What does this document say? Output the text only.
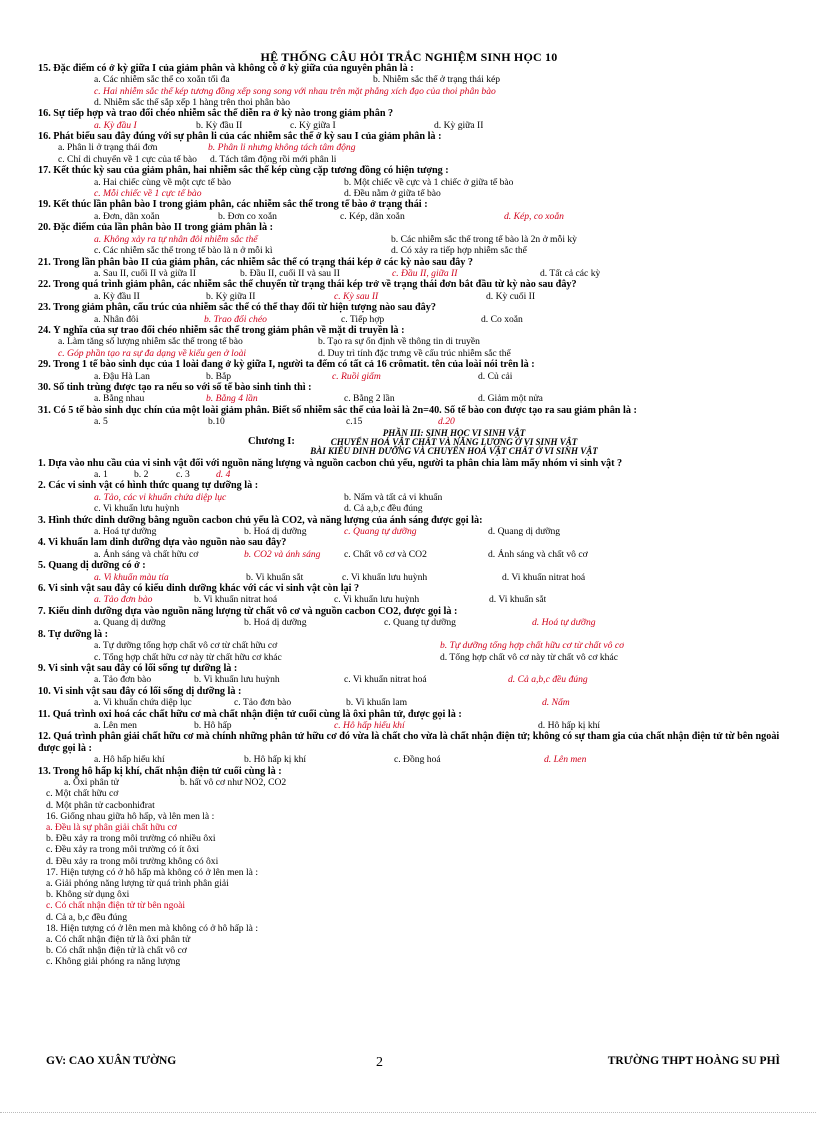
HỆ THỐNG CÂU HỎI TRẮC NGHIỆM SINH HỌC 10
15. Đặc điểm có ở kỳ giữa I của giảm phân và không có ở kỳ giữa của nguyên phân là :
a. Các nhiễm sắc thể co xoắn tối đa	b. Nhiễm sắc thể ở trạng thái kép
c. Hai nhiễm sắc thể kép tương đồng xếp song song với nhau trên mặt phẳng xích đạo của thoi phân bào
d. Nhiễm sắc thể sắp xếp 1 hàng trên thoi phân bào
16. Sự tiếp hợp và trao đổi chéo nhiễm sắc thể diễn ra ở kỳ nào trong giảm phân ?
a. Kỳ đầu I	b. Kỳ đầu II	c. Kỳ giữa I	d. Kỳ giữa II
16. Phát biểu sau đây đúng với sự phân li của các nhiễm sắc thể ở kỳ sau I của giảm phân là :
a. Phân li ở trạng thái đơn	b. Phân li nhưng không tách tâm động
c. Chỉ di chuyển về 1 cực của tế bào	d. Tách tâm động rồi mới phân li
17. Kết thúc kỳ sau của giảm phân, hai nhiễm sắc thể kép cùng cặp tương đồng có hiện tượng :
a. Hai chiếc cùng về một cực tế bào	b. Một chiếc về cực và 1 chiếc ở giữa tế bào
c. Mỗi chiếc về 1 cực tế bào	d. Đều nằm ở giữa tế bào
19. Kết thúc lần phân bào I trong giảm phân, các nhiễm sắc thể trong tế bào ở trạng thái :
a. Đơn, dãn xoắn	b. Đơn co xoắn	c. Kép, dãn xoắn	d. Kép, co xoắn
20. Đặc điểm của lần phân bào II trong giảm phân là :
a. Không xảy ra tự nhân đôi nhiễm sắc thể	b. Các nhiễm sắc thể trong tế bào là 2n ở mỗi kỳ
c. Các nhiễm sắc thể trong tế bào là n ở mỗi kì	d. Có xảy ra tiếp hợp nhiễm sắc thể
21. Trong lần phân bào II của giảm phân, các nhiễm sắc thể có trạng thái kép ở các kỳ nào sau đây ?
a. Sau II, cuối II và giữa II	b. Đầu II, cuối II và sau II	c. Đầu II, giữa II	d. Tất cả các kỳ
22. Trong quá trình giảm phân, các nhiễm sắc thể chuyển từ trạng thái kép trở về trạng thái đơn bắt đầu từ kỳ nào sau đây?
a. Kỳ đầu II	b. Kỳ giữa II	c. Kỳ sau II	d. Kỳ cuối II
23. Trong giảm phân, cấu trúc của nhiễm sắc thể có thể thay đổi từ hiện tượng nào sau đây?
a. Nhân đôi	b. Trao đổi chéo	c. Tiếp hợp	d. Co xoắn
24. Ý nghĩa của sự trao đổi chéo nhiễm sắc thể trong giảm phân về mặt di truyền là :
a. Làm tăng số lượng nhiễm sắc thể trong tế bào	b. Tạo ra sự ổn định về thông tin di truyền
c. Góp phần tạo ra sự đa dạng về kiểu gen ở loài	d. Duy trì tính đặc trưng về cấu trúc nhiễm sắc thể
29. Trong 1 tế bào sinh dục của 1 loài đang ở kỳ giữa I, người ta đếm có tất cả 16 crômatit. tên của loài nói trên là :
a. Đậu Hà Lan	b. Bắp	c. Ruồi giấm	d. Củ cải
30. Số tinh trùng được tạo ra nếu so với số tế bào sinh tinh thì :
a. Bằng nhau	b. Bằng 4 lần	c. Bằng 2 lần	d. Giảm một nửa
31. Có 5 tế bào sinh dục chín của một loài giảm phân. Biết số nhiễm sắc thể của loài là 2n=40. Số tế bào con được tạo ra sau giảm phân là :
a. 5	b.10	c.15	d.20
Chương I:
PHẦN III: SINH HỌC VI SINH VẬT
CHUYỂN HOÁ VẬT CHẤT VÀ NĂNG LƯỢNG Ở VI SINH VẬT
BÀI KIỂU DINH DƯỠNG VÀ CHUYỂN HOÁ VẬT CHẤT Ở VI SINH VẬT
1. Dựa vào nhu cầu của vi sinh vật đối với nguồn năng lượng và nguồn cacbon chủ yếu, người ta phân chia làm mấy nhóm vi sinh vật ?
a. 1	b. 2	c. 3	d. 4
2. Các vi sinh vật có hình thức quang tự dưỡng là :
a. Tảo, các vi khuẩn chứa diệp lục	b. Nấm và tất cả vi khuẩn
c. Vi khuẩn lưu huỳnh	d. Cả a,b,c đều đúng
3. Hình thức dinh dưỡng bằng nguồn cacbon chủ yếu là CO2, và năng lượng của ánh sáng được gọi là:
a. Hoá tự dưỡng	b. Hoá dị dưỡng	c. Quang tự dưỡng	d. Quang dị dưỡng
4. Vi khuẩn lam dinh dưỡng dựa vào nguồn nào sau đây?
a. Ánh sáng và chất hữu cơ	b. CO2 và ánh sáng	c. Chất vô cơ và CO2	d. Ánh sáng và chất vô cơ
5. Quang dị dưỡng có ở :
a. Vi khuẩn màu tía	b. Vi khuẩn sắt	c. Vi khuẩn lưu huỳnh	d. Vi khuẩn nitrat hoá
6. Vi sinh vật sau đây có kiểu dinh dưỡng khác với các vi sinh vật còn lại ?
a. Tảo đơn bào	b. Vi khuẩn nitrat hoá	c. Vi khuẩn lưu huỳnh	d. Vi khuẩn sắt
7. Kiểu dinh dưỡng dựa vào nguồn năng lượng từ chất vô cơ và nguồn cacbon CO2, được gọi là :
a. Quang dị dưỡng	b. Hoá dị dưỡng	c. Quang tự dưỡng	d. Hoá tự dưỡng
8. Tự dưỡng là :
a. Tự dưỡng tổng hợp chất vô cơ từ chất hữu cơ	b. Tự dưỡng tổng hợp chất hữu cơ từ chất vô cơ
c. Tổng hợp chất hữu cơ này từ chất hữu cơ khác	d. Tổng hợp chất vô cơ này từ chất vô cơ khác
9. Vi sinh vật sau đây có lối sống tự dưỡng là :
a. Tảo đơn bào	b. Vi khuẩn lưu huỳnh	c. Vi khuẩn nitrat hoá	d. Cả a,b,c đều đúng
10. Vi sinh vật sau đây có lối sống dị dưỡng là :
a. Vi khuẩn chứa diệp lục	c. Tảo đơn bào	b. Vi khuẩn lam	d. Nấm
11. Quá trình oxi hoá các chất hữu cơ mà chất nhận điện tử cuối cùng là ôxi phân tử, được gọi là :
a. Lên men	b. Hô hấp	c. Hô hấp hiếu khí	d. Hô hấp kị khí
12. Quá trình phân giải chất hữu cơ mà chính những phân tử hữu cơ đó vừa là chất cho vừa là chất nhận điện tử; không có sự tham gia của chất nhận điện tử từ bên ngoài được gọi là :
a. Hô hấp hiếu khí	b. Hô hấp kị khí	c. Đồng hoá	d. Lên men
13. Trong hô hấp kị khí, chất nhận điện tử cuối cùng là :
a. Ôxi phân tử	b. hất vô cơ như NO2, CO2
c. Một chất hữu cơ
d. Một phân tử cacbonhiđrat
16. Giống nhau giữa hô hấp, và lên men là :
a. Đều là sự phân giải chất hữu cơ
b. Đều xảy ra trong môi trường có nhiều ôxi
c. Đều xảy ra trong môi trường có ít ôxi
d. Đều xảy ra trong môi trường không có ôxi
17. Hiện tượng có ở hô hấp mà không có ở lên men là :
a. Giải phóng năng lượng từ quá trình phân giải
b. Không sử dụng ôxi
c. Có chất nhận điện tử từ bên ngoài
d. Cả a, b,c đều đúng
18. Hiện tượng có ở lên men mà không có ở hô hấp là :
a. Có chất nhận điện tử là ôxi phân tử
b. Có chất nhận điện tử là chất vô cơ
c. Không giải phóng ra năng lượng
GV: CAO XUÂN TƯỜNG	2	TRƯỜNG THPT HOÀNG SU PHÌ
